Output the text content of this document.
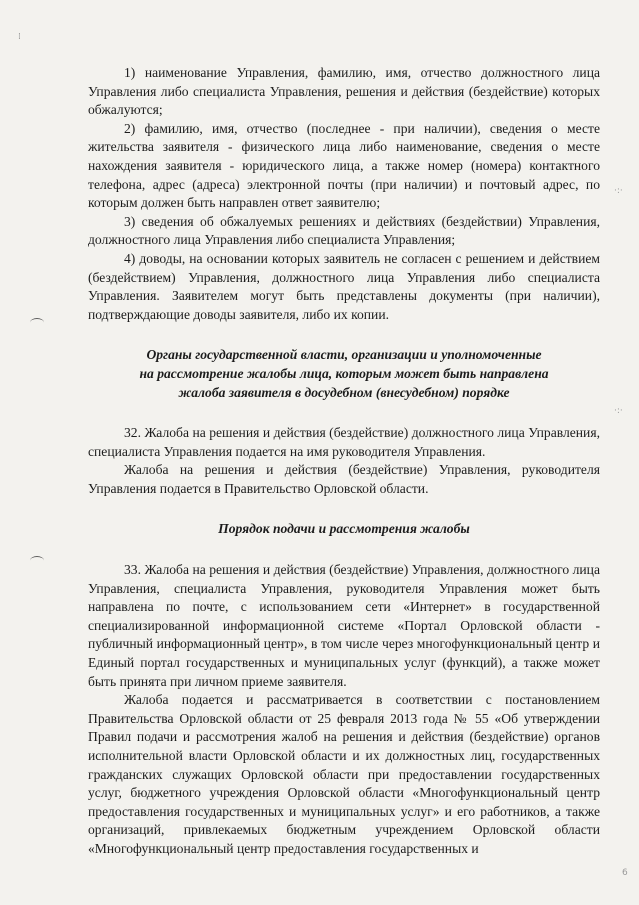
⁞
·:·
·:·
6

1) наименование Управления, фамилию, имя, отчество должностного лица Управления либо специалиста Управления, решения и действия (бездействие) которых обжалуются;

2) фамилию, имя, отчество (последнее - при наличии), сведения о месте жительства заявителя - физического лица либо наименование, сведения о месте нахождения заявителя - юридического лица, а также номер (номера) контактного телефона, адрес (адреса) электронной почты (при наличии) и почтовый адрес, по которым должен быть направлен ответ заявителю;

3) сведения об обжалуемых решениях и действиях (бездействии) Управления, должностного лица Управления либо специалиста Управления;

4) доводы, на основании которых заявитель не согласен с решением и действием (бездействием) Управления, должностного лица Управления либо специалиста Управления. Заявителем могут быть представлены документы (при наличии), подтверждающие доводы заявителя, либо их копии.

Органы государственной власти, организации и уполномоченные
на рассмотрение жалобы лица, которым может быть направлена
жалоба заявителя в досудебном (внесудебном) порядке

32. Жалоба на решения и действия (бездействие) должностного лица Управления, специалиста Управления подается на имя руководителя Управления.

Жалоба на решения и действия (бездействие) Управления, руководителя Управления подается в Правительство Орловской области.

Порядок подачи и рассмотрения жалобы

33. Жалоба на решения и действия (бездействие) Управления, должностного лица Управления, специалиста Управления, руководителя Управления может быть направлена по почте, с использованием сети «Интернет» в государственной специализированной информационной системе «Портал Орловской области - публичный информационный центр», в том числе через многофункциональный центр и Единый портал государственных и муниципальных услуг (функций), а также может быть принята при личном приеме заявителя.

Жалоба подается и рассматривается в соответствии с постановлением Правительства Орловской области от 25 февраля 2013 года № 55 «Об утверждении Правил подачи и рассмотрения жалоб на решения и действия (бездействие) органов исполнительной власти Орловской области и их должностных лиц, государственных гражданских служащих Орловской области при предоставлении государственных услуг, бюджетного учреждения Орловской области «Многофункциональный центр предоставления государственных и муниципальных услуг» и его работников, а также организаций, привлекаемых бюджетным учреждением Орловской области «Многофункциональный центр предоставления государственных и
